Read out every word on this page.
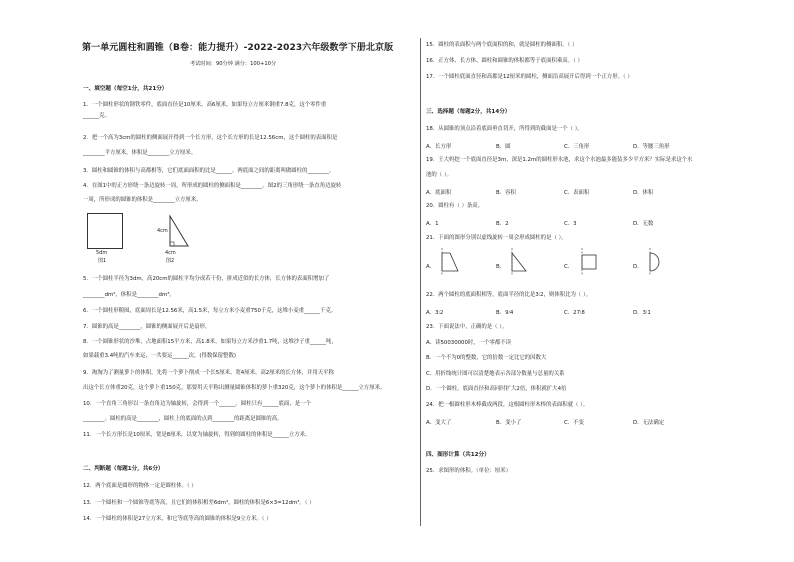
第一单元圆柱和圆锥（B卷：能力提升）-2022-2023六年级数学下册北京版
考试时间：90分钟 满分：100+10分
一、填空题（每空1分，共21分）
1．一个圆柱形状的钢铁零件，底面直径是10厘米，高6厘米，如果每立方厘米钢重7.8克，这个零件重
______克。
2．把一个高为3cm的圆柱的侧面展开得到一个长方形，这个长方形的长是12.56cm，这个圆柱的表面积是
________平方厘米，体积是________立方厘米。
3．圆柱和圆锥的体积与高都相等，它们底面面积的比是______。两底面之间的距离叫做圆柱的________。
4．在图1中的正方形绕一条边旋转一周，所形成的圆柱的侧面积是________。图2的三角形绕一条直角边旋转
一周，所形成的圆锥的体积是________立方厘米。
5dm
图1
4cm
4cm
图2
5．一个圆柱半径为3dm，高20cm的圆柱平均分成若干份，拼成近似的长方体，长方体的表面积增加了
________dm²，体积是________dm³。
6．一个圆柱形粮囤，底面周长是12.56米，高1.5米，每立方米小麦重750千克，这堆小麦重______千克。
7．圆锥的高是________，圆锥的侧面展开后是扇形。
8．一个圆锥形状的沙堆，占地面积15平方米，高1.8米，如果每立方米沙重1.7吨，这堆沙子重______吨，
如果载重3.4吨的汽车来运，一共要运______次。(得数保留整数)
9．淘淘为了测量萝卜的体积，先将一个萝卜削成一个长5厘米、宽4厘米、高2厘米的长方体，并用天平称
出这个长方体重20克，这个萝卜重150克。那要用天平称出测量圆锥体积的萝卜重320克，这个萝卜的体积是______立方厘米。
10．一个直角三角形以一条直角边为轴旋转，会得到一个______。圆柱只有______底面，是一个
________。圆柱的高是________，圆柱上的底面的点到________的距离是圆锥的高。
11．一个长方形长是10厘米，宽是8厘米，以宽为轴旋转，得到的圆柱的体积是______立方米。
二、判断题（每题1分，共6分）
12．两个底面是圆形的物体一定是圆柱体。（ ）
13．一个圆柱和一个圆锥等底等高，且它们的体积相差6dm³，圆柱的体积是6×3=12dm³。（ ）
14．一个圆柱的体积是27立方米，和它等底等高的圆锥的体积是9立方米。（ ）
15．圆柱的表面积与两个底面积的和，就是圆柱的侧面积。（ ）
16．正方体、长方体、圆柱和圆锥的体积都等于底面积乘高。（ ）
17．一个圆柱底面直径和高都是12厘米的圆柱，侧面沿高展开后得到一个正方形。（ ）
三、选择题（每题2分，共14分）
18．从圆锥的顶点沿着底面垂直切开，所得到的截面是一个（ ）。
A．长方形	B．圆	C．三角形	D．等腰三角形
19．王大妈挖一个底面直径是3m，深是1.2m的圆柱形水池，求这个水池最多能装多少平方米？实际是求这个水
池的（ ）。
A．底面积	B．容积	C．表面积	D．体积
20．圆柱有（ ）条高。
A．1	B．2	C．3	D．无数
21．下面的图形分别以虚线旋转一周会形成圆柱的是（ ）。
A．	B．	C．	D．
22．两个圆柱的底面积相等，底面半径的比是3∶2，则体积比为（ ）。
A．3∶2	B．9∶4	C．27∶8	D．3∶1
23．下面说法中，正确的是（ ）。
A．读50030000时，一个零都不读
B．一个不为0的整数，它的倍数一定比它的因数大
C．用折线统计图可以清楚地表示各部分数量与总量的关系
D．一个圆柱，底面直径和高同时扩大2倍，体积就扩大4倍
24．把一根圆柱形木棒截成两段，这根圆柱形木棒的表面积就（ ）。
A．变大了	B．变小了	C．不变	D．无法确定
四、图形计算（共12分）
25．求图形的体积。（单位：厘米）
